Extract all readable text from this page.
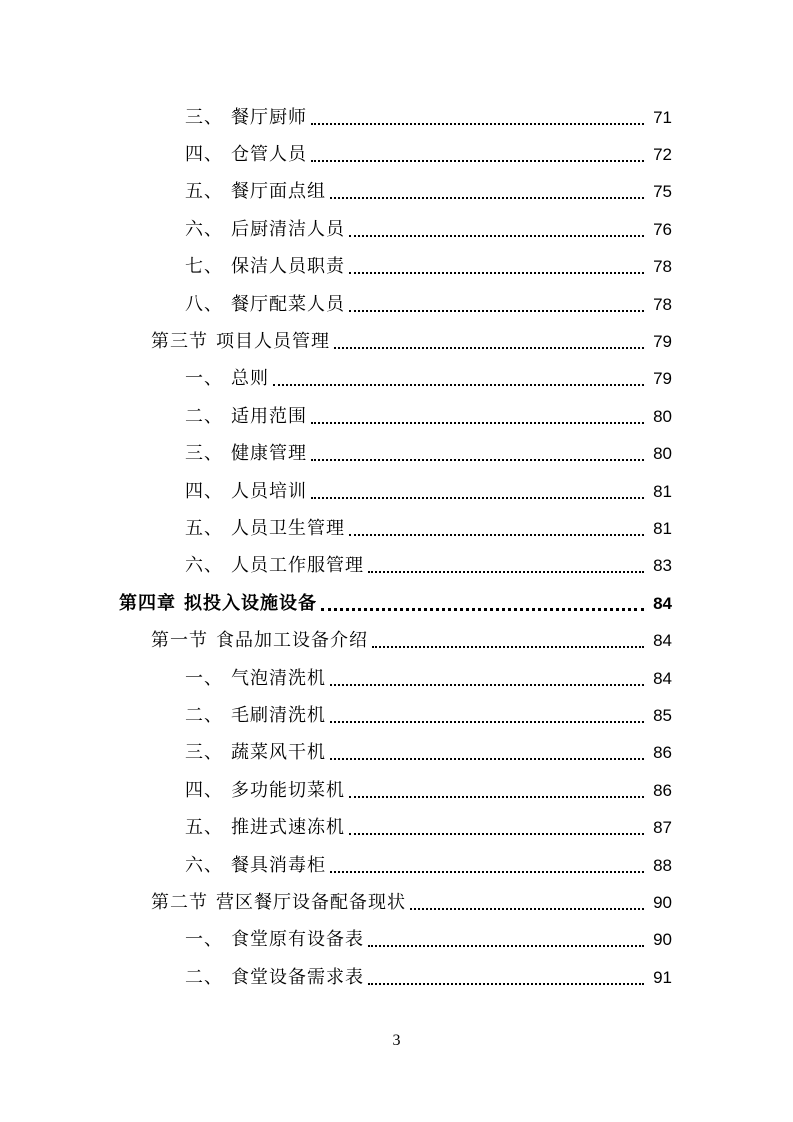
三、 餐厅厨师	71
四、 仓管人员	72
五、 餐厅面点组	75
六、 后厨清洁人员	76
七、 保洁人员职责	78
八、 餐厅配菜人员	78
第三节 项目人员管理	79
一、 总则	79
二、 适用范围	80
三、 健康管理	80
四、 人员培训	81
五、 人员卫生管理	81
六、 人员工作服管理	83
第四章 拟投入设施设备	84
第一节 食品加工设备介绍	84
一、 气泡清洗机	84
二、 毛刷清洗机	85
三、 蔬菜风干机	86
四、 多功能切菜机	86
五、 推进式速冻机	87
六、 餐具消毒柜	88
第二节 营区餐厅设备配备现状	90
一、 食堂原有设备表	90
二、 食堂设备需求表	91
3
